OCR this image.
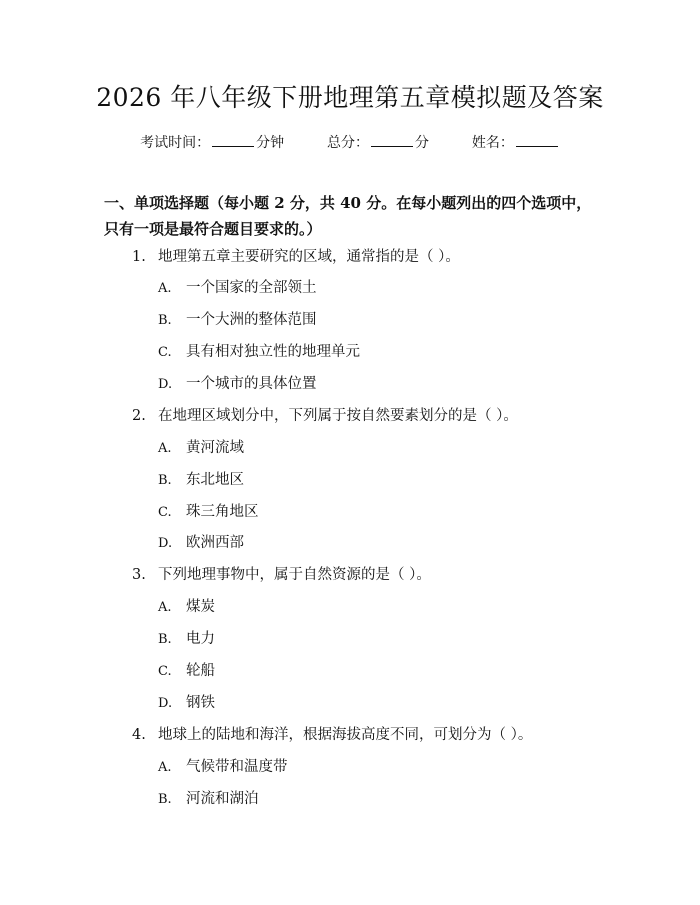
2026 年八年级下册地理第五章模拟题及答案
考试时间：	分钟	总分：	分	姓名：
一、单项选择题（每小题 2 分，共 40 分。在每小题列出的四个选项中，只有一项是最符合题目要求的。）
1. 地理第五章主要研究的区域，通常指的是（ ）。
A. 一个国家的全部领土
B. 一个大洲的整体范围
C. 具有相对独立性的地理单元
D. 一个城市的具体位置
2. 在地理区域划分中，下列属于按自然要素划分的是（ ）。
A. 黄河流域
B. 东北地区
C. 珠三角地区
D. 欧洲西部
3. 下列地理事物中，属于自然资源的是（ ）。
A. 煤炭
B. 电力
C. 轮船
D. 钢铁
4. 地球上的陆地和海洋，根据海拔高度不同，可划分为（ ）。
A. 气候带和温度带
B. 河流和湖泊
